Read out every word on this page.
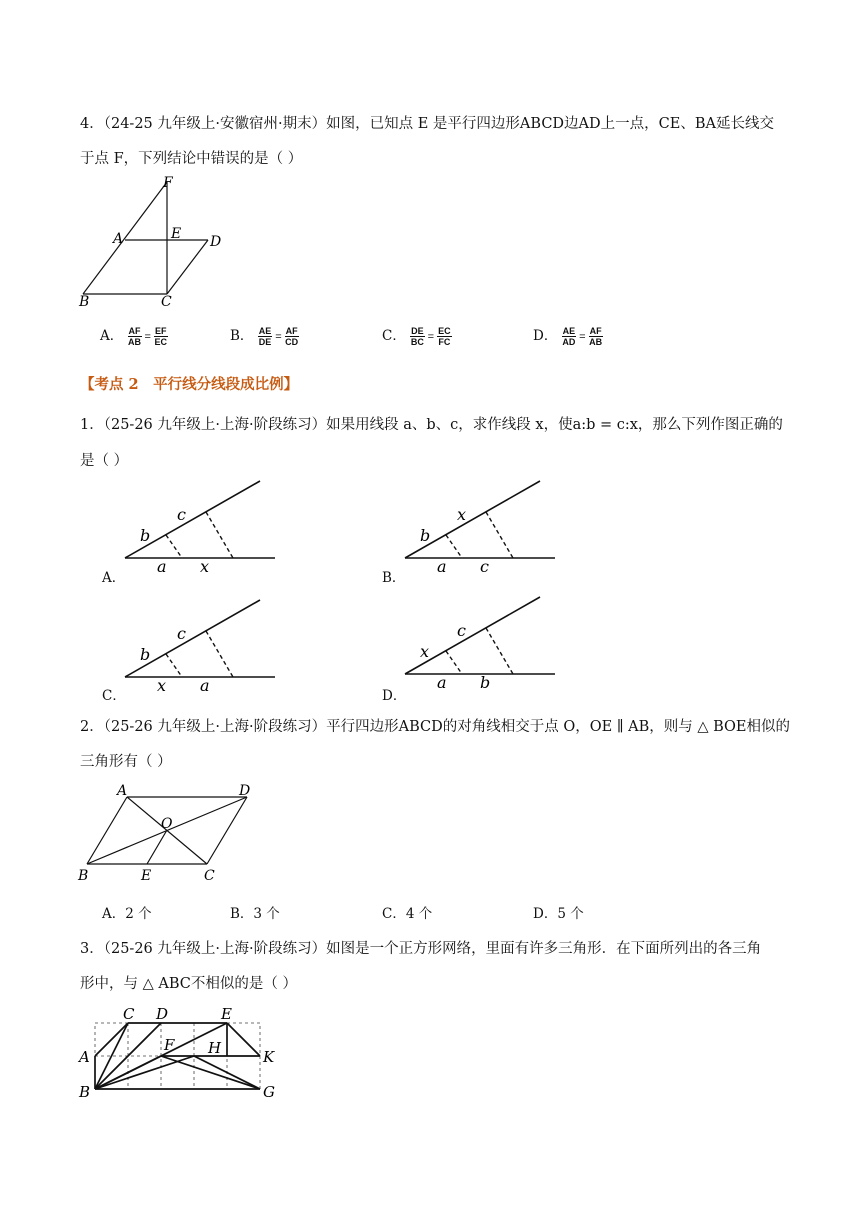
4．（24-25 九年级上·安徽宿州·期末）如图，已知点 E 是平行四边形ABCD边AD上一点，CE、BA延长线交
于点 F，下列结论中错误的是（ ）
F
A	E D
B	C
A． $\frac{AF}{AB} = \frac{EF}{EC}$	B． $\frac{AE}{DE} = \frac{AF}{CD}$	C． $\frac{DE}{BC} = \frac{EC}{FC}$	D． $\frac{AE}{AD} = \frac{AF}{AB}$
【考点 2　平行线分线段成比例】
1．（25-26 九年级上·上海·阶段练习）如果用线段 a、b、c，求作线段 x，使a:b = c:x，那么下列作图正确的
是（ ）
A．
b
c
a x
B．
b
x
a c
C．
b
c
x a
D．
x
c
a b
2．（25-26 九年级上·上海·阶段练习）平行四边形ABCD的对角线相交于点 O，OE ∥ AB，则与 △ BOE相似的
三角形有（ ）
A	D
O
B	E	C
A．2 个	B．3 个	C．4 个	D．5 个
3．（25-26 九年级上·上海·阶段练习）如图是一个正方形网络，里面有许多三角形．在下面所列出的各三角
形中，与 △ ABC不相似的是（ ）
C D	E
A
F H	K
B	G
